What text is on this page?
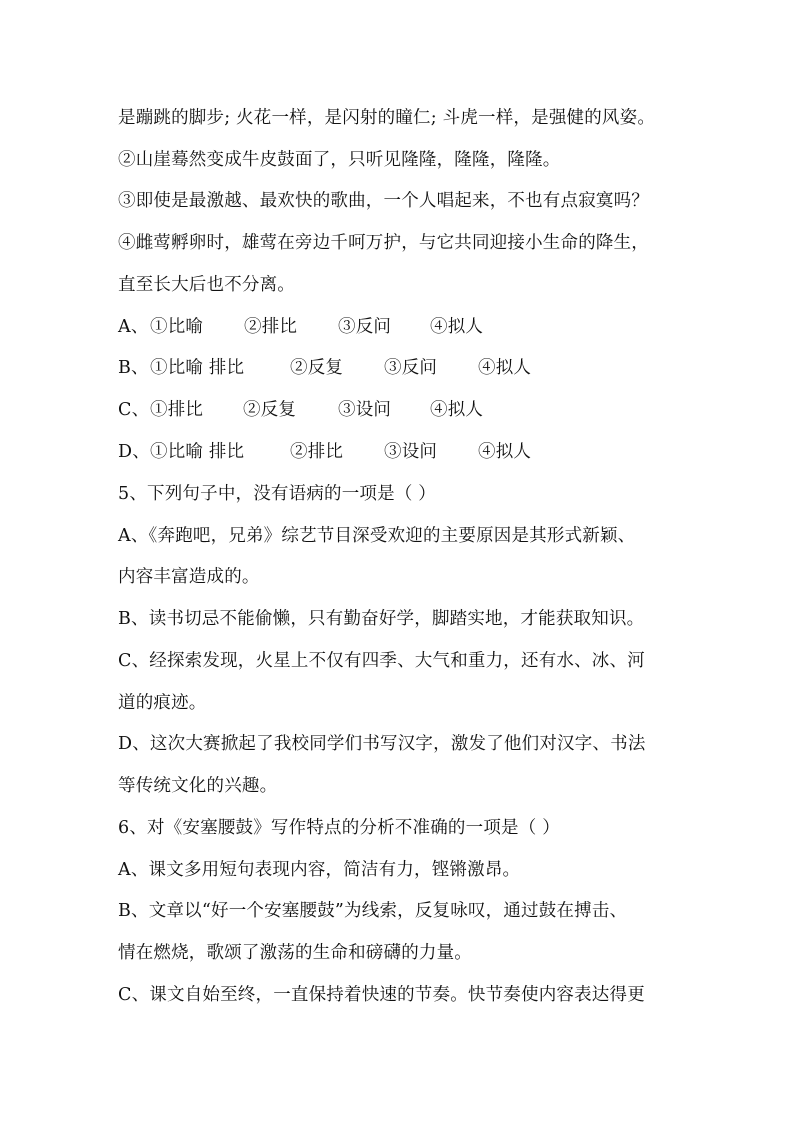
是蹦跳的脚步; 火花一样，是闪射的瞳仁; 斗虎一样，是强健的风姿。
②山崖蓦然变成牛皮鼓面了，只听见隆隆，隆隆，隆隆。
③即使是最激越、最欢快的歌曲，一个人唱起来，不也有点寂寞吗？
④雌莺孵卵时，雄莺在旁边千呵万护，与它共同迎接小生命的降生，
直至长大后也不分离。
A、①比喻 ②排比 ③反问 ④拟人
B、①比喻 排比	②反复 ③反问 ④拟人
C、①排比 ②反复 ③设问 ④拟人
D、①比喻 排比	②排比 ③设问 ④拟人
5、下列句子中，没有语病的一项是（ ）
A、《奔跑吧，兄弟》综艺节目深受欢迎的主要原因是其形式新颖、
内容丰富造成的。
B、读书切忌不能偷懒，只有勤奋好学，脚踏实地，才能获取知识。
C、经探索发现，火星上不仅有四季、大气和重力，还有水、冰、河
道的痕迹。
D、这次大赛掀起了我校同学们书写汉字，激发了他们对汉字、书法
等传统文化的兴趣。
6、对《安塞腰鼓》写作特点的分析不准确的一项是（ ）
A、课文多用短句表现内容，简洁有力，铿锵激昂。
B、文章以“好一个安塞腰鼓”为线索，反复咏叹，通过鼓在搏击、
情在燃烧，歌颂了激荡的生命和磅礴的力量。
C、课文自始至终，一直保持着快速的节奏。快节奏使内容表达得更
